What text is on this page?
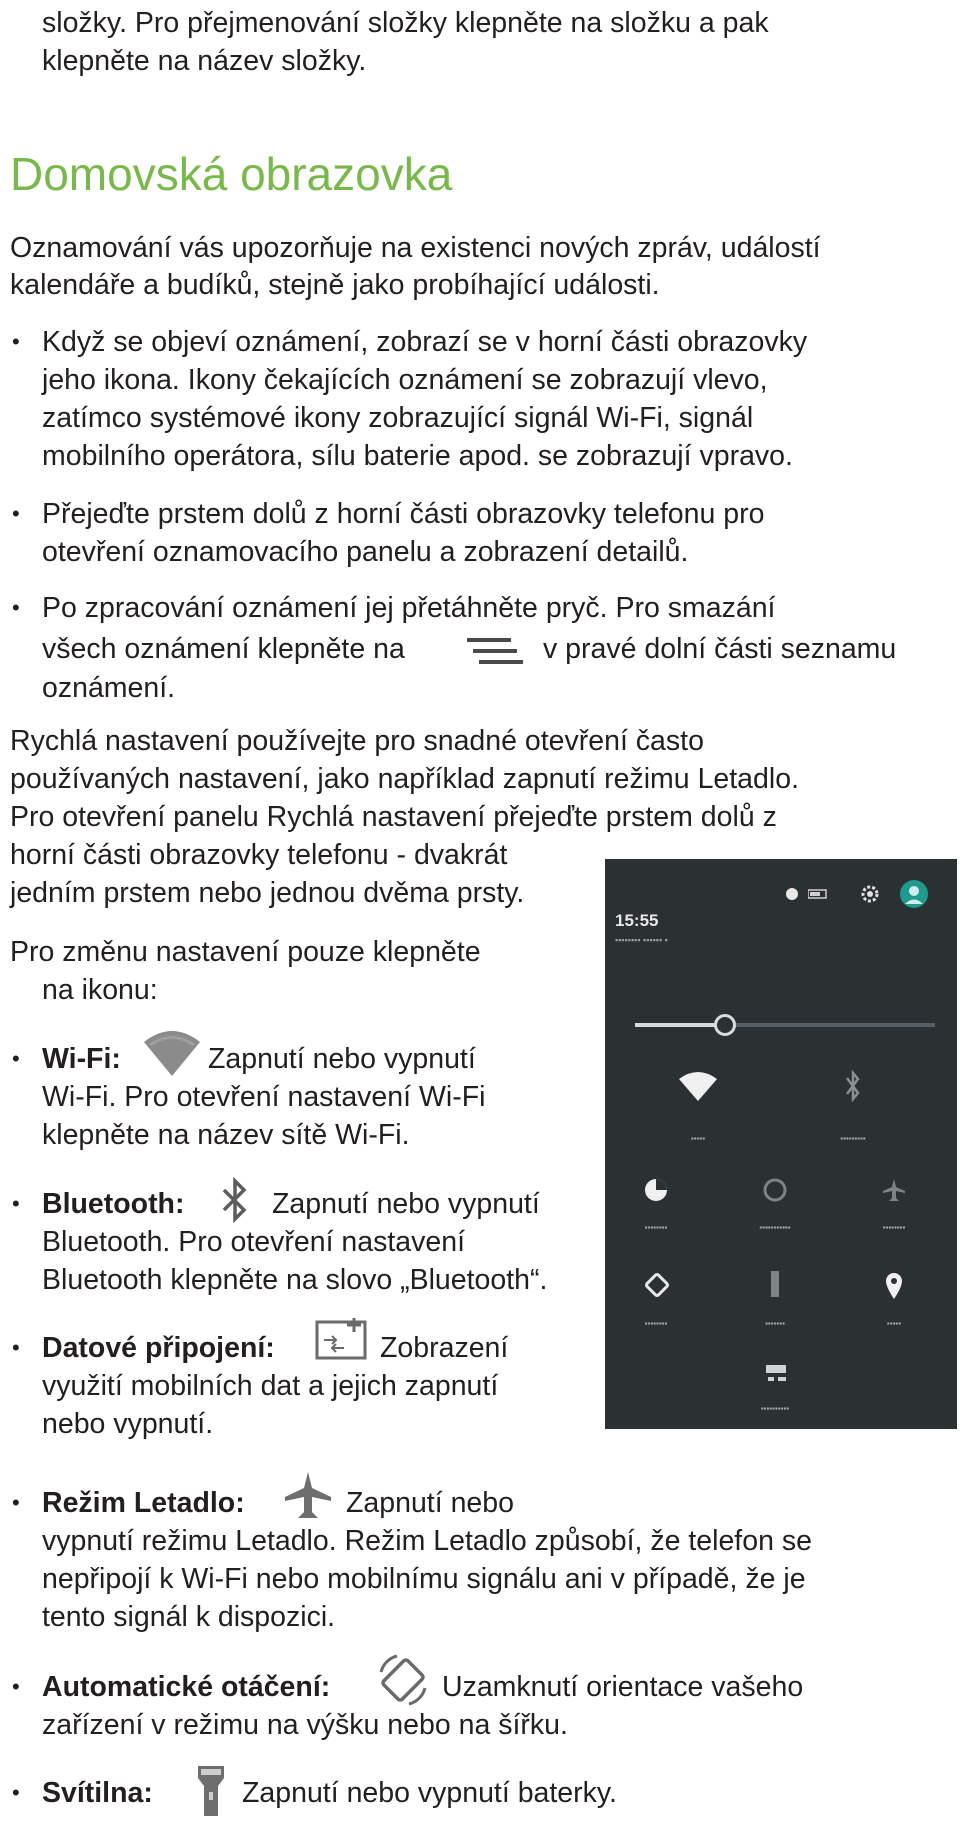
složky. Pro přejmenování složky klepněte na složku a pak
klepněte na název složky.
Domovská obrazovka
Oznamování vás upozorňuje na existenci nových zpráv, událostí
kalendáře a budíků, stejně jako probíhající události.
• Když se objeví oznámení, zobrazí se v horní části obrazovky
jeho ikona. Ikony čekajících oznámení se zobrazují vlevo,
zatímco systémové ikony zobrazující signál Wi-Fi, signál
mobilního operátora, sílu baterie apod. se zobrazují vpravo.
• Přejeďte prstem dolů z horní části obrazovky telefonu pro
otevření oznamovacího panelu a zobrazení detailů.
• Po zpracování oznámení jej přetáhněte pryč. Pro smazání
všech oznámení klepněte na	v pravé dolní části seznamu
oznámení.
Rychlá nastavení používejte pro snadné otevření často
používaných nastavení, jako například zapnutí režimu Letadlo.
Pro otevření panelu Rychlá nastavení přejeďte prstem dolů z
horní části obrazovky telefonu - dvakrát
jedním prstem nebo jednou dvěma prsty.
Pro změnu nastavení pouze klepněte
na ikonu:
15:55
▪▪▪▪▪▪▪▪ ▪▪▪▪▪▪ ▪
▪▪▪▪▪	▪▪▪▪▪▪▪▪▪
▪▪▪▪▪▪▪▪	▪▪▪▪▪▪▪▪▪▪▪	▪▪▪▪▪▪▪▪
▪▪▪▪▪▪▪▪	▪▪▪▪▪▪▪	▪▪▪▪▪
▪▪▪▪▪▪▪▪▪▪
• Wi-Fi:	Zapnutí nebo vypnutí
Wi-Fi. Pro otevření nastavení Wi-Fi
klepněte na název sítě Wi-Fi.
• Bluetooth:	Zapnutí nebo vypnutí
Bluetooth. Pro otevření nastavení
Bluetooth klepněte na slovo „Bluetooth“.
• Datové připojení:	Zobrazení
využití mobilních dat a jejich zapnutí
nebo vypnutí.
• Režim Letadlo:	Zapnutí nebo
vypnutí režimu Letadlo. Režim Letadlo způsobí, že telefon se
nepřipojí k Wi-Fi nebo mobilnímu signálu ani v případě, že je
tento signál k dispozici.
• Automatické otáčení:	Uzamknutí orientace vašeho
zařízení v režimu na výšku nebo na šířku.
• Svítilna:	Zapnutí nebo vypnutí baterky.
